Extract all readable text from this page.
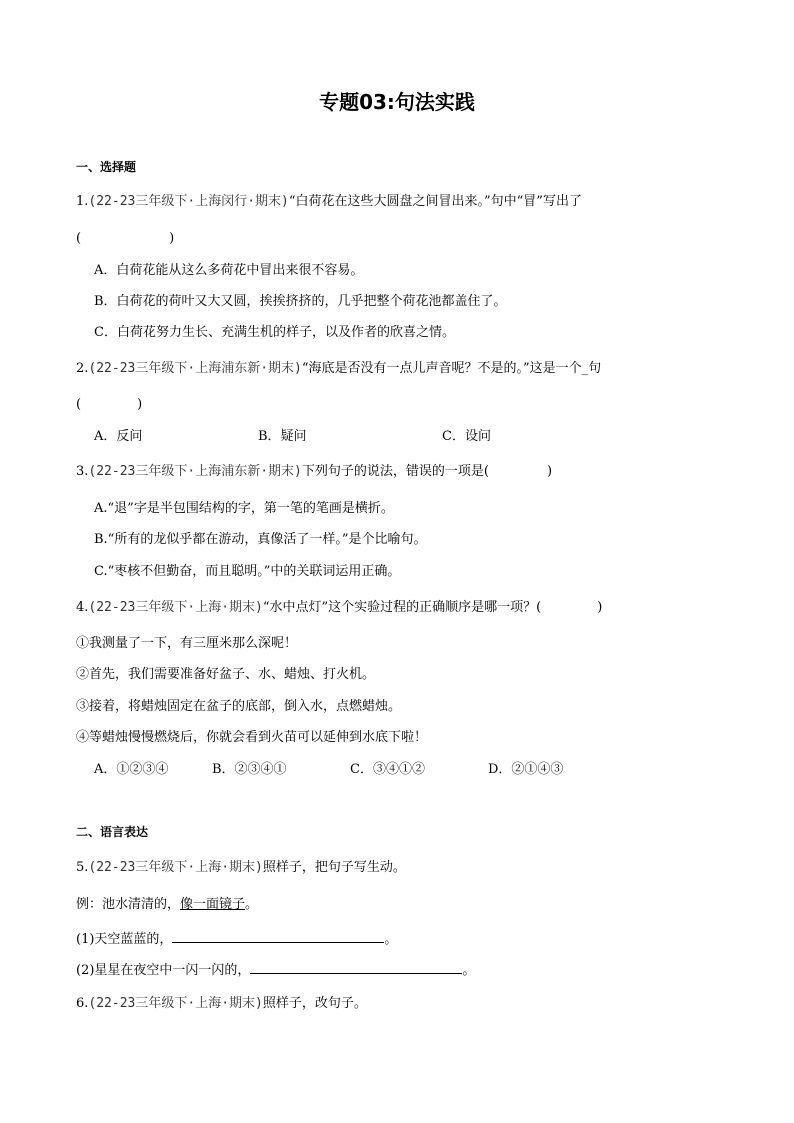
专题03:句法实践
一、选择题
1.(22-23三年级下·上海闵行·期末)“白荷花在这些大圆盘之间冒出来。”句中“冒”写出了
(	)
A．白荷花能从这么多荷花中冒出来很不容易。
B．白荷花的荷叶又大又圆，挨挨挤挤的，几乎把整个荷花池都盖住了。
C．白荷花努力生长、充满生机的样子，以及作者的欣喜之情。
2.(22-23三年级下·上海浦东新·期末)“海底是否没有一点儿声音呢？不是的。”这是一个_句
(	)
A．反问	B．疑问	C．设问
3.(22-23三年级下·上海浦东新·期末)下列句子的说法，错误的一项是(	)
A.“退”字是半包围结构的字，第一笔的笔画是横折。
B.“所有的龙似乎都在游动，真像活了一样。”是个比喻句。
C.“枣核不但勤奋，而且聪明。”中的关联词运用正确。
4.(22-23三年级下·上海·期末)“水中点灯”这个实验过程的正确顺序是哪一项？(	)
①我测量了一下，有三厘米那么深呢！
②首先，我们需要准备好盆子、水、蜡烛、打火机。
③接着，将蜡烛固定在盆子的底部，倒入水，点燃蜡烛。
④等蜡烛慢慢燃烧后，你就会看到火苗可以延伸到水底下啦！
A．①②③④	B．②③④①	C．③④①②	D．②①④③
二、语言表达
5.(22-23三年级下·上海·期末)照样子，把句子写生动。
例：池水清清的，像一面镜子。
(1)天空蓝蓝的，	。
(2)星星在夜空中一闪一闪的，	。
6.(22-23三年级下·上海·期末)照样子，改句子。
